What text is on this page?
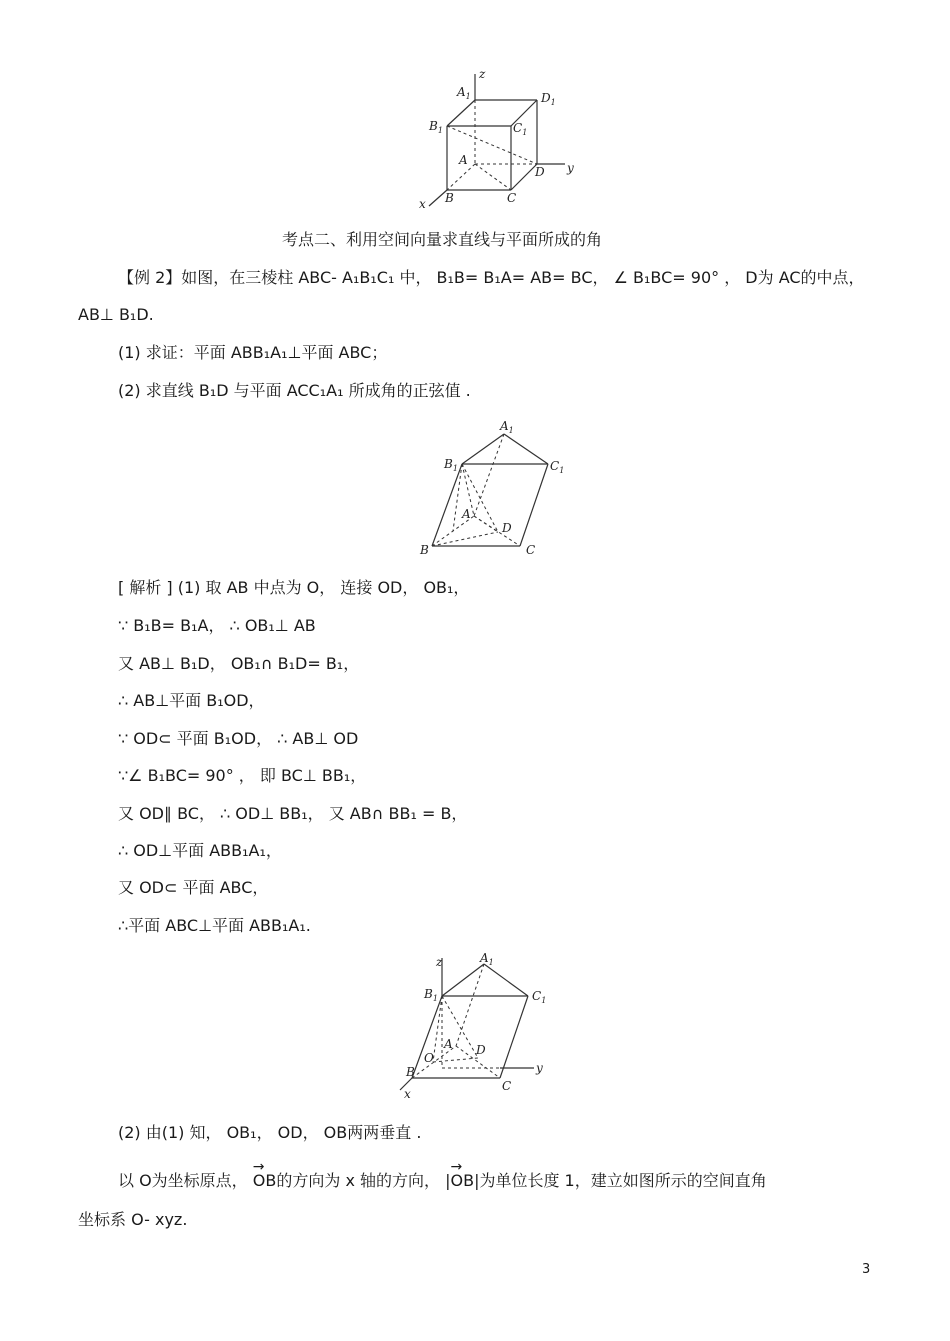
z
y
x
$A_1$	$D_1$
$B_1$	$C_1$
A
D
B	C
考点二、利用空间向量求直线与平面所成的角
【例 2】如图，在三棱柱 ABC- A₁B₁C₁ 中， B₁B= B₁A= AB= BC， ∠ B₁BC= 90° ， D为 AC的中点，
AB⊥ B₁D.
(1) 求证：平面 ABB₁A₁⊥平面 ABC；
(2) 求直线 B₁D 与平面 ACC₁A₁ 所成角的正弦值 .
$A_1$
$B_1$	$C_1$
A
D
B	C
[ 解析 ] (1) 取 AB 中点为 O， 连接 OD， OB₁，
∵ B₁B= B₁A， ∴ OB₁⊥ AB
又 AB⊥ B₁D， OB₁∩ B₁D= B₁，
∴ AB⊥平面 B₁OD，
∵ OD⊂ 平面 B₁OD， ∴ AB⊥ OD
∵∠ B₁BC= 90° ， 即 BC⊥ BB₁，
又 OD∥ BC， ∴ OD⊥ BB₁， 又 AB∩ BB₁ = B，
∴ OD⊥平面 ABB₁A₁，
又 OD⊂ 平面 ABC，
∴平面 ABC⊥平面 ABB₁A₁.
z
y
x
$A_1$
$B_1$	$C_1$
A D
O
B
C
(2) 由(1) 知， OB₁， OD， OB两两垂直 .
以 O为坐标原点， → OB的方向为 x 轴的方向， |→ OB|为单位长度 1，建立如图所示的空间直角
坐标系 O- xyz.
3
